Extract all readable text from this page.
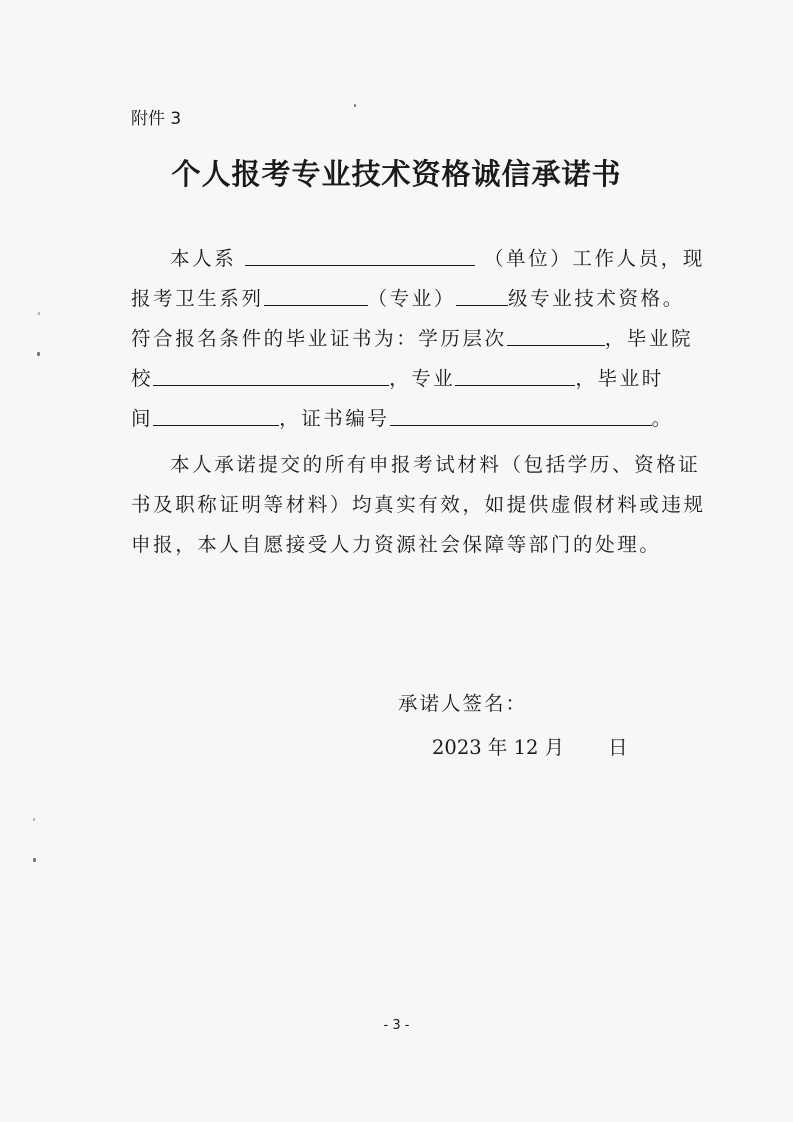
附件 3
个人报考专业技术资格诚信承诺书
本人系	（单位）工作人员，现
报考卫生系列	（专业）	级专业技术资格。
符合报名条件的毕业证书为：学历层次	，毕业院
校	，专业	，毕业时
间	，证书编号	。
本人承诺提交的所有申报考试材料（包括学历、资格证
书及职称证明等材料）均真实有效，如提供虚假材料或违规
申报，本人自愿接受人力资源社会保障等部门的处理。
承诺人签名：
2023 年 12 月 日
- 3 -
